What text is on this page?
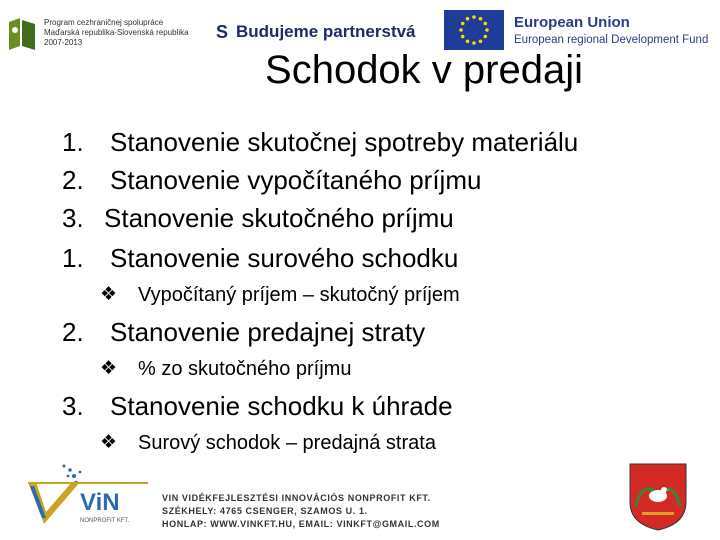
Program cezhraničnej spolupráce
Maďarská republika-Slovenská republika
2007-2013
S Budujeme partnerstvá	European Union
European regional Development Fund
Schodok v predaji
1. Stanovenie skutočnej spotreby materiálu
2. Stanovenie vypočítaného príjmu
3. Stanovenie skutočného príjmu
1. Stanovenie surového schodku
❖ Vypočítaný príjem – skutočný príjem
2. Stanovenie predajnej straty
❖ % zo skutočného príjmu
3. Stanovenie schodku k úhrade
❖ Surový schodok – predajná strata
ViN
NONPROFIT KFT.
VIN VIDÉKFEJLESZTÉSI INNOVÁCIÓS NONPROFIT KFT.
SZÉKHELY: 4765 CSENGER, SZAMOS U. 1.
HONLAP: WWW.VINKFT.HU, EMAIL: VINKFT@GMAIL.COM
